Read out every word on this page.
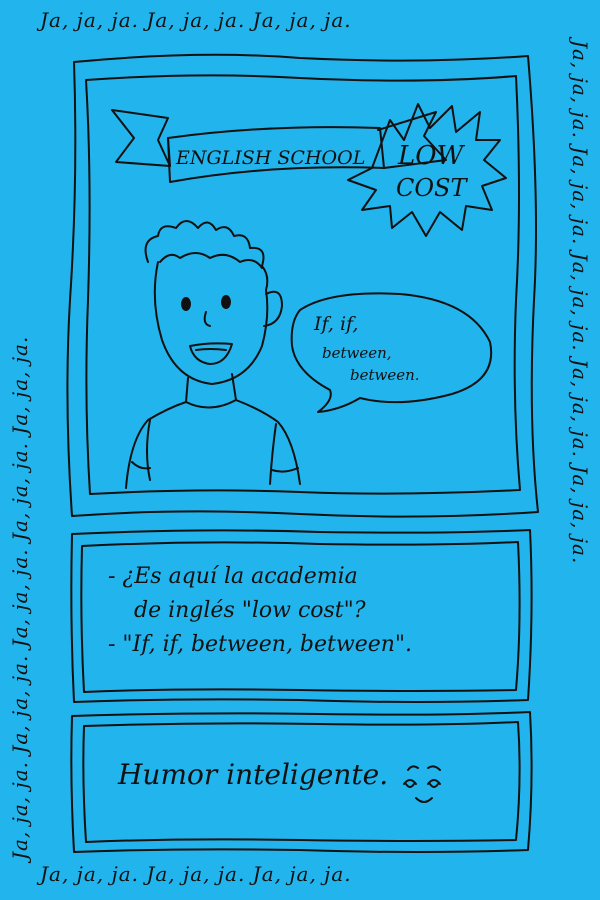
Ja, ja, ja. Ja, ja, ja. Ja, ja, ja.
Ja, ja, ja. Ja, ja, ja. Ja, ja, ja.
Ja, ja, ja. Ja, ja, ja. Ja, ja, ja. Ja, ja, ja. Ja, ja, ja.
Ja, ja, ja. Ja, ja, ja. Ja, ja, ja. Ja, ja, ja. Ja, ja, ja.
ENGLISH SCHOOL LOW
COST
If, if, between, between.
- ¿Es aquí la academia
de inglés "low cost"?
- "If, if, between, between".
Humor inteligente.
